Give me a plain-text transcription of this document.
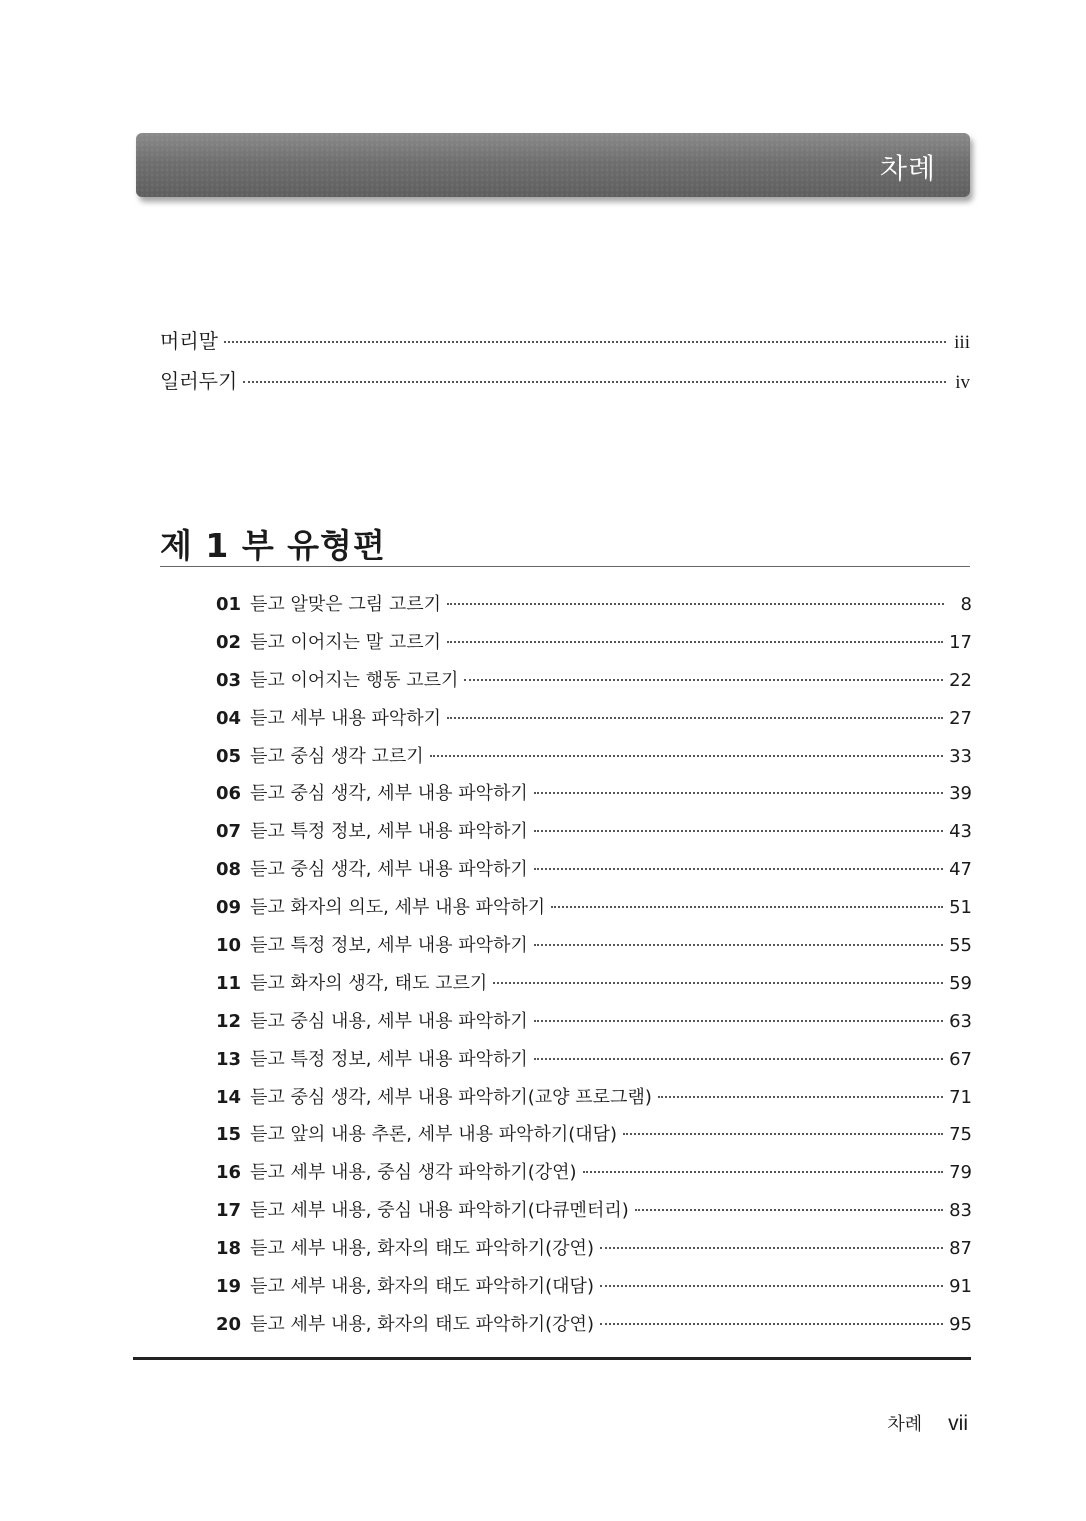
차례
머리말	iii
일러두기	iv
제 1 부 유형편
01 듣고 알맞은 그림 고르기	8
02 듣고 이어지는 말 고르기	17
03 듣고 이어지는 행동 고르기	22
04 듣고 세부 내용 파악하기	27
05 듣고 중심 생각 고르기	33
06 듣고 중심 생각, 세부 내용 파악하기	39
07 듣고 특정 정보, 세부 내용 파악하기	43
08 듣고 중심 생각, 세부 내용 파악하기	47
09 듣고 화자의 의도, 세부 내용 파악하기	51
10 듣고 특정 정보, 세부 내용 파악하기	55
11 듣고 화자의 생각, 태도 고르기	59
12 듣고 중심 내용, 세부 내용 파악하기	63
13 듣고 특정 정보, 세부 내용 파악하기	67
14 듣고 중심 생각, 세부 내용 파악하기(교양 프로그램)	71
15 듣고 앞의 내용 추론, 세부 내용 파악하기(대담)	75
16 듣고 세부 내용, 중심 생각 파악하기(강연)	79
17 듣고 세부 내용, 중심 내용 파악하기(다큐멘터리)	83
18 듣고 세부 내용, 화자의 태도 파악하기(강연)	87
19 듣고 세부 내용, 화자의 태도 파악하기(대담)	91
20 듣고 세부 내용, 화자의 태도 파악하기(강연)	95
차례 vii
